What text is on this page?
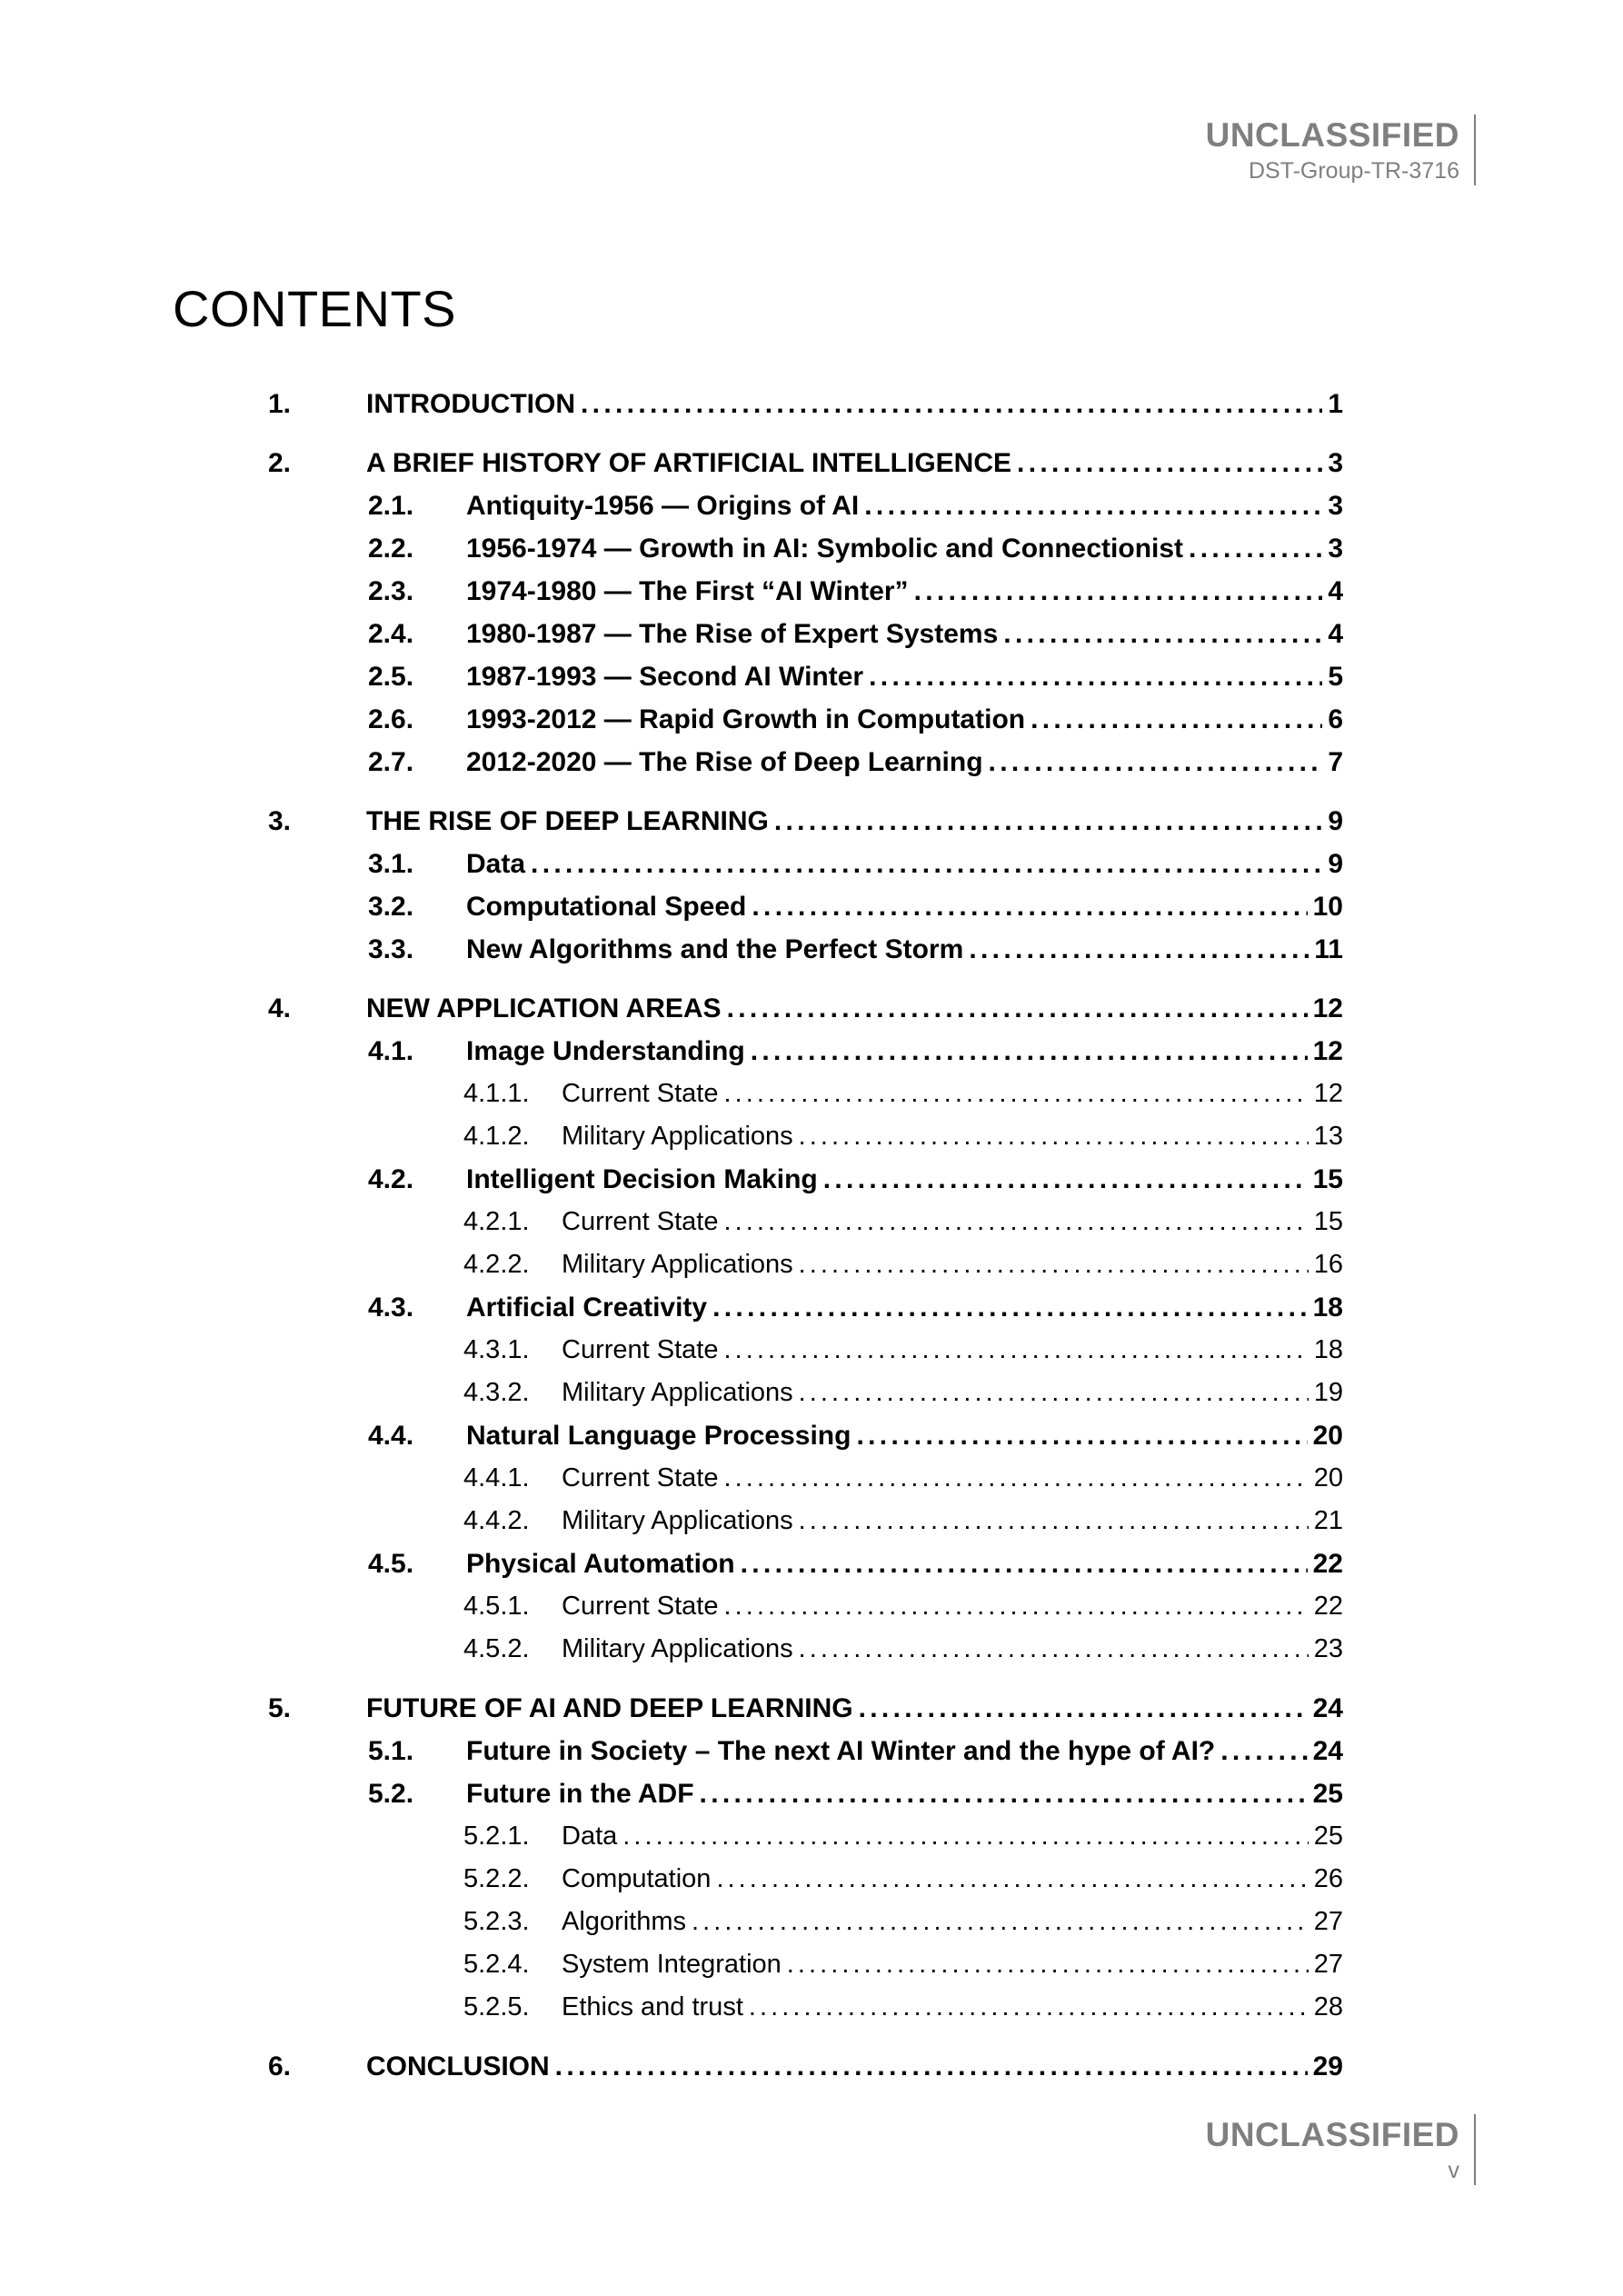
UNCLASSIFIED
DST-Group-TR-3716
CONTENTS
1.	INTRODUCTION . . .	1
2.	A BRIEF HISTORY OF ARTIFICIAL INTELLIGENCE . . .	3
2.1.	Antiquity-1956 — Origins of AI . . .	3
2.2.	1956-1974 — Growth in AI: Symbolic and Connectionist . . .	3
2.3.	1974-1980 — The First “AI Winter” . . .	4
2.4.	1980-1987 — The Rise of Expert Systems . . .	4
2.5.	1987-1993 — Second AI Winter . . .	5
2.6.	1993-2012 — Rapid Growth in Computation . . .	6
2.7.	2012-2020 — The Rise of Deep Learning . . .	7
3.	THE RISE OF DEEP LEARNING . . .	9
3.1.	Data . . .	9
3.2.	Computational Speed . . .	10
3.3.	New Algorithms and the Perfect Storm . . .	11
4.	NEW APPLICATION AREAS . . .	12
4.1.	Image Understanding . . .	12
4.1.1.	Current State . . .	12
4.1.2.	Military Applications . . .	13
4.2.	Intelligent Decision Making . . .	15
4.2.1.	Current State . . .	15
4.2.2.	Military Applications . . .	16
4.3.	Artificial Creativity . . .	18
4.3.1.	Current State . . .	18
4.3.2.	Military Applications . . .	19
4.4.	Natural Language Processing . . .	20
4.4.1.	Current State . . .	20
4.4.2.	Military Applications . . .	21
4.5.	Physical Automation . . .	22
4.5.1.	Current State . . .	22
4.5.2.	Military Applications . . .	23
5.	FUTURE OF AI AND DEEP LEARNING . . .	24
5.1.	Future in Society – The next AI Winter and the hype of AI? . . .	24
5.2.	Future in the ADF . . .	25
5.2.1.	Data . . .	25
5.2.2.	Computation . . .	26
5.2.3.	Algorithms . . .	27
5.2.4.	System Integration . . .	27
5.2.5.	Ethics and trust . . .	28
6.	CONCLUSION . . .	29
UNCLASSIFIED
v
